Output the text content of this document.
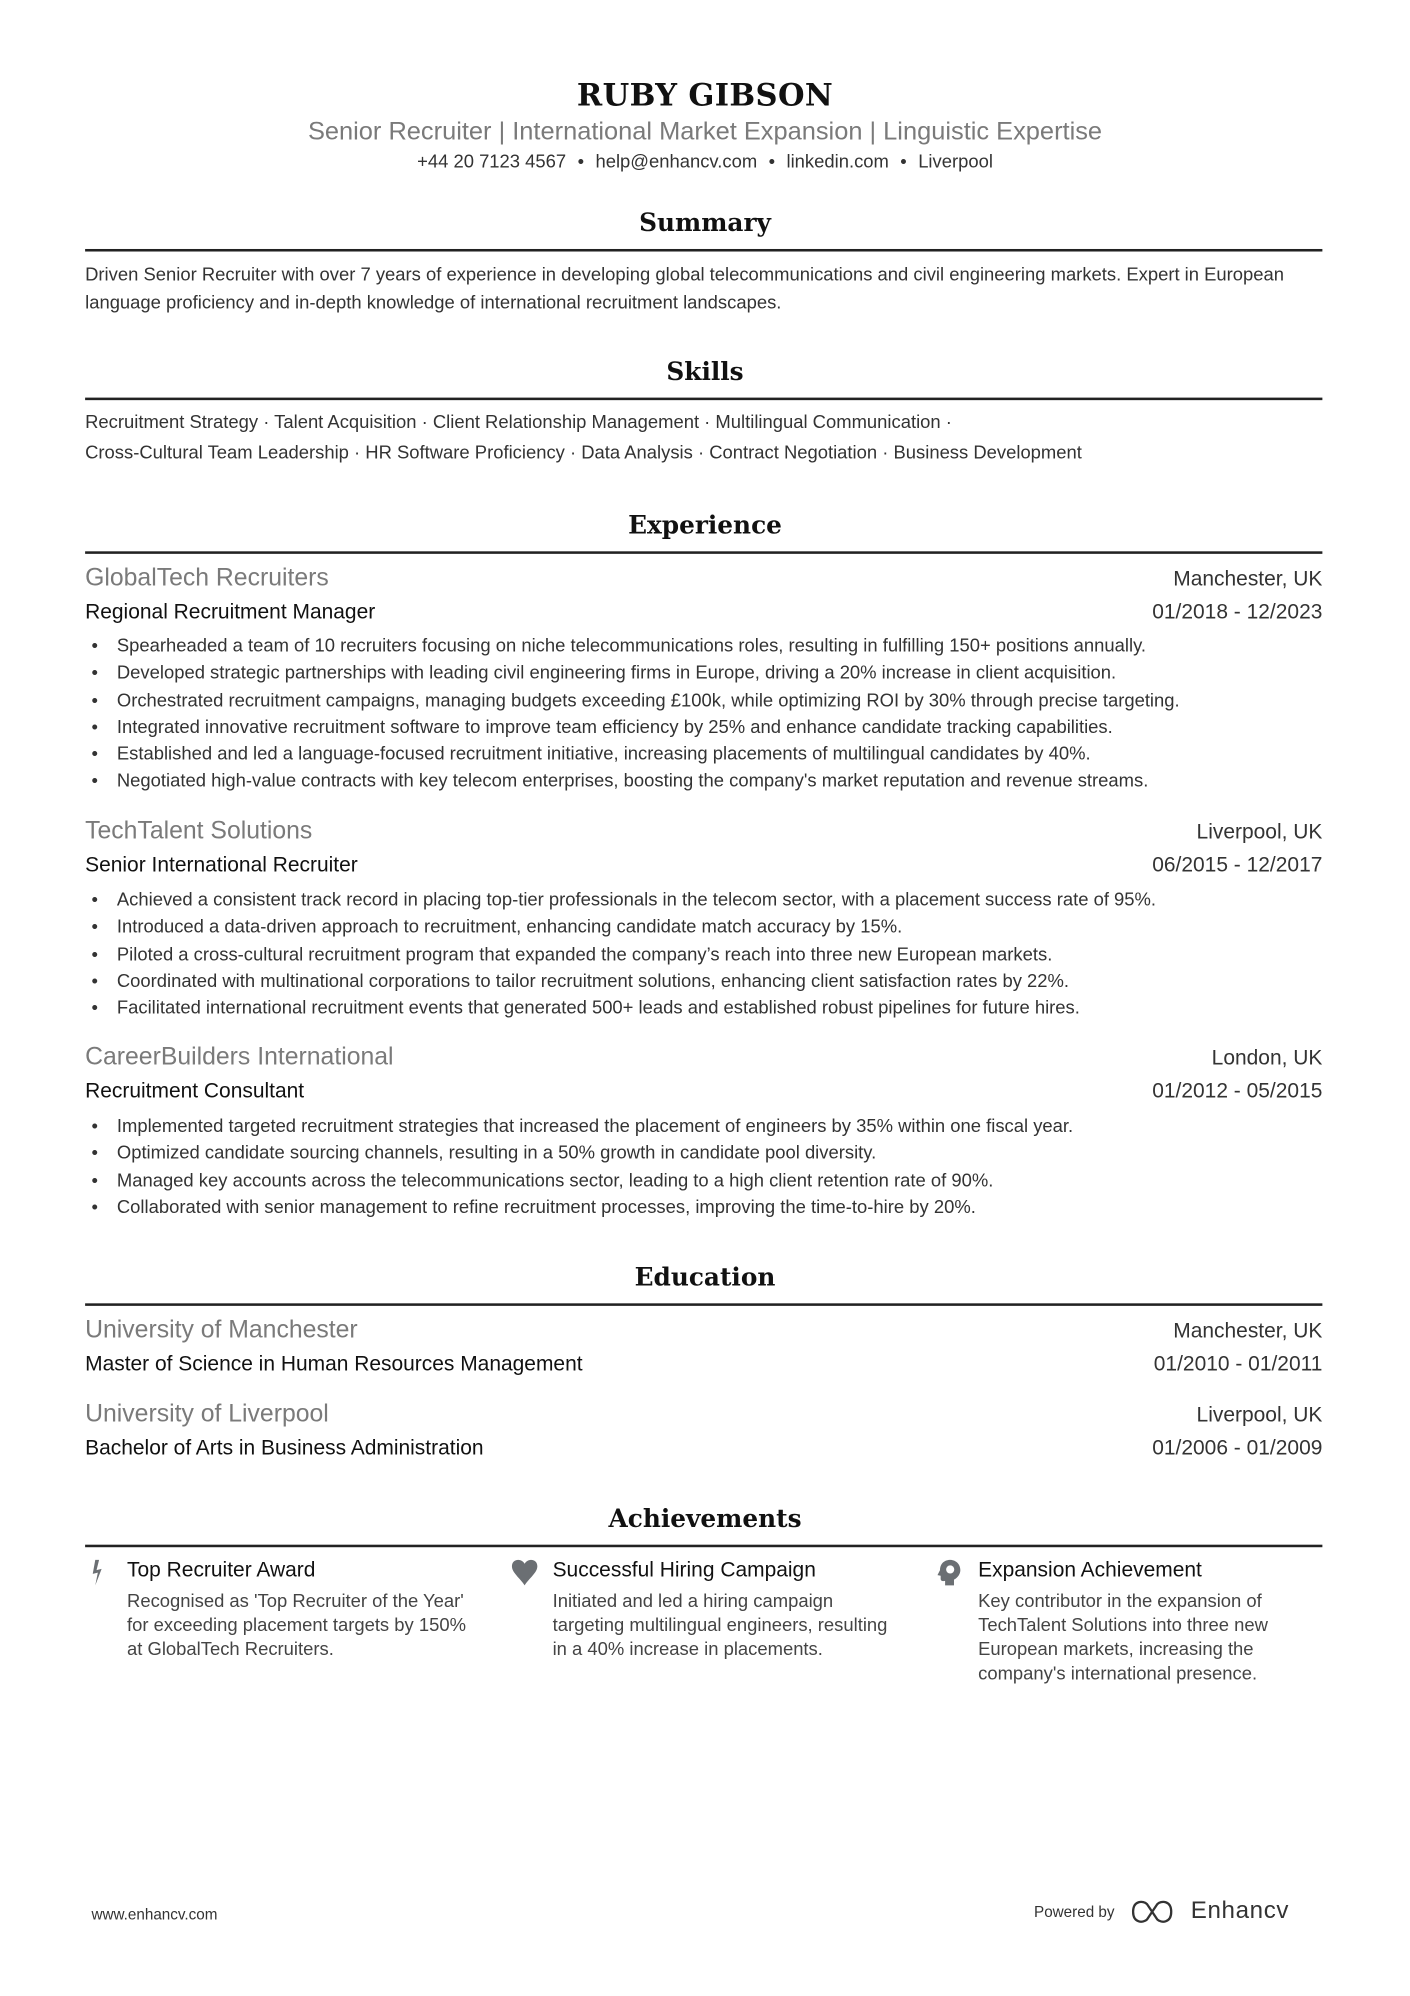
RUBY GIBSON
Senior Recruiter | International Market Expansion | Linguistic Expertise
+44 20 7123 4567 • help@enhancv.com • linkedin.com • Liverpool
Summary
Driven Senior Recruiter with over 7 years of experience in developing global telecommunications and civil engineering markets. Expert in European language proficiency and in-depth knowledge of international recruitment landscapes.
Skills
Recruitment Strategy · Talent Acquisition · Client Relationship Management · Multilingual Communication ·
Cross-Cultural Team Leadership · HR Software Proficiency · Data Analysis · Contract Negotiation · Business Development
Experience
GlobalTech Recruiters	Manchester, UK
Regional Recruitment Manager	01/2018 - 12/2023
• Spearheaded a team of 10 recruiters focusing on niche telecommunications roles, resulting in fulfilling 150+ positions annually.
• Developed strategic partnerships with leading civil engineering firms in Europe, driving a 20% increase in client acquisition.
• Orchestrated recruitment campaigns, managing budgets exceeding £100k, while optimizing ROI by 30% through precise targeting.
• Integrated innovative recruitment software to improve team efficiency by 25% and enhance candidate tracking capabilities.
• Established and led a language-focused recruitment initiative, increasing placements of multilingual candidates by 40%.
• Negotiated high-value contracts with key telecom enterprises, boosting the company's market reputation and revenue streams.
TechTalent Solutions	Liverpool, UK
Senior International Recruiter	06/2015 - 12/2017
• Achieved a consistent track record in placing top-tier professionals in the telecom sector, with a placement success rate of 95%.
• Introduced a data-driven approach to recruitment, enhancing candidate match accuracy by 15%.
• Piloted a cross-cultural recruitment program that expanded the company’s reach into three new European markets.
• Coordinated with multinational corporations to tailor recruitment solutions, enhancing client satisfaction rates by 22%.
• Facilitated international recruitment events that generated 500+ leads and established robust pipelines for future hires.
CareerBuilders International	London, UK
Recruitment Consultant	01/2012 - 05/2015
• Implemented targeted recruitment strategies that increased the placement of engineers by 35% within one fiscal year.
• Optimized candidate sourcing channels, resulting in a 50% growth in candidate pool diversity.
• Managed key accounts across the telecommunications sector, leading to a high client retention rate of 90%.
• Collaborated with senior management to refine recruitment processes, improving the time-to-hire by 20%.
Education
University of Manchester	Manchester, UK
Master of Science in Human Resources Management	01/2010 - 01/2011
University of Liverpool	Liverpool, UK
Bachelor of Arts in Business Administration	01/2006 - 01/2009
Achievements
Top Recruiter Award
Recognised as 'Top Recruiter of the Year' for exceeding placement targets by 150% at GlobalTech Recruiters.
Successful Hiring Campaign
Initiated and led a hiring campaign targeting multilingual engineers, resulting in a 40% increase in placements.
Expansion Achievement
Key contributor in the expansion of TechTalent Solutions into three new European markets, increasing the company's international presence.
www.enhancv.com	Powered by	Enhancv
